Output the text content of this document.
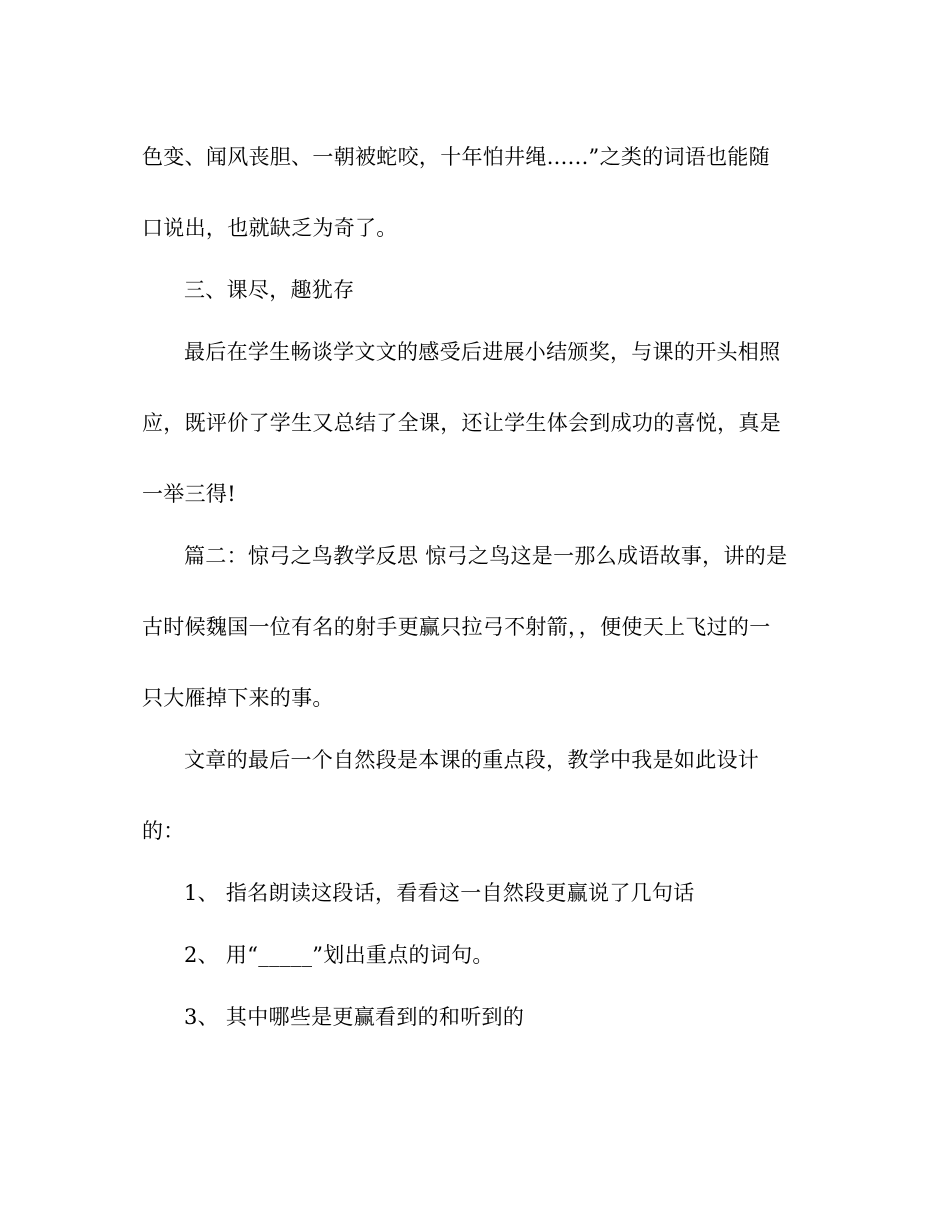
色变、闻风丧胆、一朝被蛇咬，十年怕井绳......”之类的词语也能随
口说出，也就缺乏为奇了。
三、课尽，趣犹存
最后在学生畅谈学文文的感受后进展小结颁奖，与课的开头相照
应，既评价了学生又总结了全课，还让学生体会到成功的喜悦，真是
一举三得!
篇二：惊弓之鸟教学反思 惊弓之鸟这是一那么成语故事，讲的是
古时候魏国一位有名的射手更赢只拉弓不射箭，，便使天上飞过的一
只大雁掉下来的事。
文章的最后一个自然段是本课的重点段，教学中我是如此设计
的：
1、 指名朗读这段话，看看这一自然段更赢说了几句话
2、 用“_____”划出重点的词句。
3、 其中哪些是更赢看到的和听到的
